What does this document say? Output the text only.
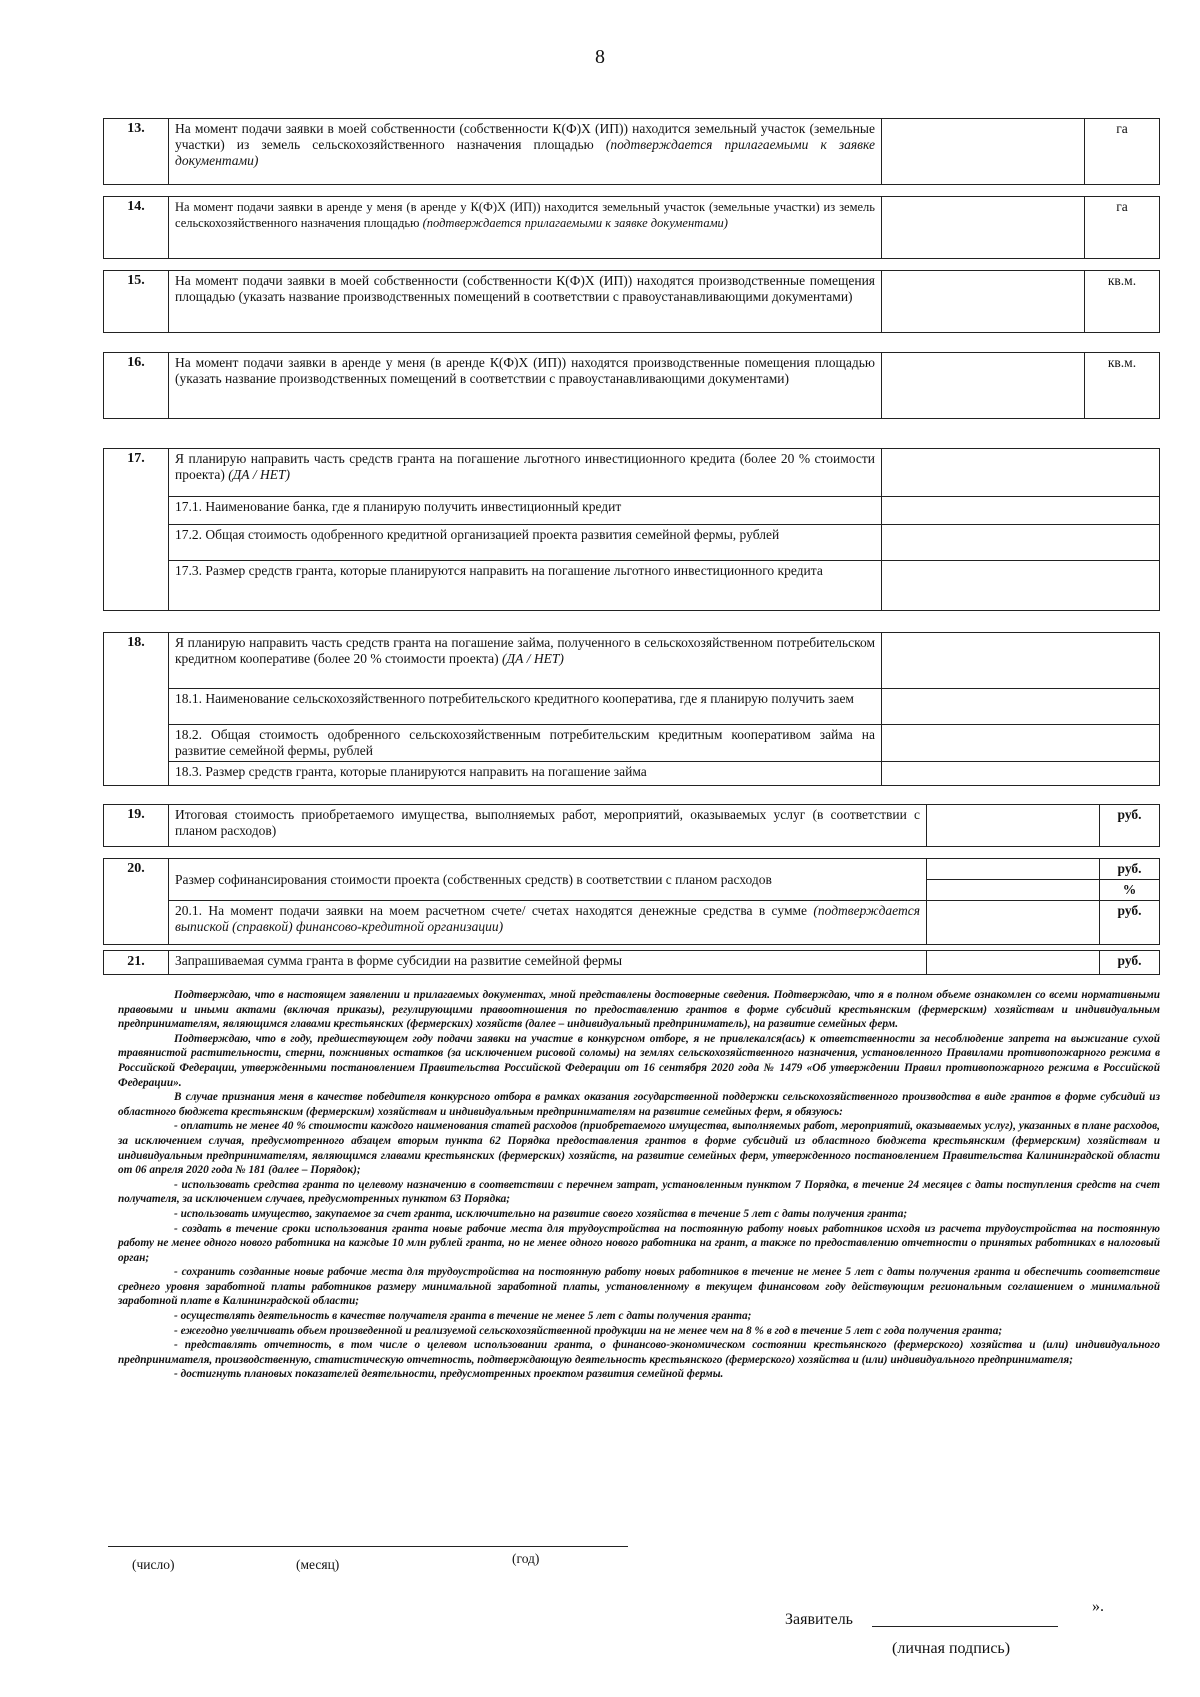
8
13.	На момент подачи заявки в моей собственности (собственности К(Ф)Х (ИП)) находится земельный участок (земельные участки) из земель сельскохозяйственного назначения площадью (подтверждается прилагаемыми к заявке документами)		га
14.	На момент подачи заявки в аренде у меня (в аренде у К(Ф)Х (ИП)) находится земельный участок (земельные участки) из земель сельскохозяйственного назначения площадью (подтверждается прилагаемыми к заявке документами)		га
15.	На момент подачи заявки в моей собственности (собственности К(Ф)Х (ИП)) находятся производственные помещения площадью (указать название производственных помещений в соответствии с правоустанавливающими документами)		кв.м.
16.	На момент подачи заявки в аренде у меня (в аренде К(Ф)Х (ИП)) находятся производственные помещения площадью (указать название производственных помещений в соответствии с правоустанавливающими документами)		кв.м.
17.	Я планирую направить часть средств гранта на погашение льготного инвестиционного кредита (более 20 % стоимости проекта) (ДА / НЕТ)	
	17.1. Наименование банка, где я планирую получить инвестиционный кредит	
	17.2. Общая стоимость одобренного кредитной организацией проекта развития семейной фермы, рублей	
	17.3. Размер средств гранта, которые планируются направить на погашение льготного инвестиционного кредита	
18.	Я планирую направить часть средств гранта на погашение займа, полученного в сельскохозяйственном потребительском кредитном кооперативе (более 20 % стоимости проекта) (ДА / НЕТ)	
	18.1. Наименование сельскохозяйственного потребительского кредитного кооператива, где я планирую получить заем	
	18.2. Общая стоимость одобренного сельскохозяйственным потребительским кредитным кооперативом займа на развитие семейной фермы, рублей	
	18.3. Размер средств гранта, которые планируются направить на погашение займа	
19.	Итоговая стоимость приобретаемого имущества, выполняемых работ, мероприятий, оказываемых услуг (в соответствии с планом расходов)		руб.
20.	Размер софинансирования стоимости проекта (собственных средств) в соответствии с планом расходов		руб.
			%
	20.1. На момент подачи заявки на моем расчетном счете/ счетах находятся денежные средства в сумме (подтверждается выпиской (справкой) финансово-кредитной организации)		руб.
21.	Запрашиваемая сумма гранта в форме субсидии на развитие семейной фермы		руб.

Подтверждаю, что в настоящем заявлении и прилагаемых документах, мной представлены достоверные сведения. Подтверждаю, что я в полном объеме ознакомлен со всеми нормативными правовыми и иными актами (включая приказы), регулирующими правоотношения по предоставлению грантов в форме субсидий крестьянским (фермерским) хозяйствам и индивидуальным предпринимателям, являющимся главами крестьянских (фермерских) хозяйств (далее – индивидуальный предприниматель), на развитие семейных ферм.

Подтверждаю, что в году, предшествующем году подачи заявки на участие в конкурсном отборе, я не привлекался(ась) к ответственности за несоблюдение запрета на выжигание сухой травянистой растительности, стерни, пожнивных остатков (за исключением рисовой соломы) на землях сельскохозяйственного назначения, установленного Правилами противопожарного режима в Российской Федерации, утвержденными постановлением Правительства Российской Федерации от 16 сентября 2020 года № 1479 «Об утверждении Правил противопожарного режима в Российской Федерации».

В случае признания меня в качестве победителя конкурсного отбора в рамках оказания государственной поддержки сельскохозяйственного производства в виде грантов в форме субсидий из областного бюджета крестьянским (фермерским) хозяйствам и индивидуальным предпринимателям на развитие семейных ферм, я обязуюсь:

- оплатить не менее 40 % стоимости каждого наименования статей расходов (приобретаемого имущества, выполняемых работ, мероприятий, оказываемых услуг), указанных в плане расходов, за исключением случая, предусмотренного абзацем вторым пункта 62 Порядка предоставления грантов в форме субсидий из областного бюджета крестьянским (фермерским) хозяйствам и индивидуальным предпринимателям, являющимся главами крестьянских (фермерских) хозяйств, на развитие семейных ферм, утвержденного постановлением Правительства Калининградской области от 06 апреля 2020 года № 181 (далее – Порядок);

- использовать средства гранта по целевому назначению в соответствии с перечнем затрат, установленным пунктом 7 Порядка, в течение 24 месяцев с даты поступления средств на счет получателя, за исключением случаев, предусмотренных пунктом 63 Порядка;

- использовать имущество, закупаемое за счет гранта, исключительно на развитие своего хозяйства в течение 5 лет с даты получения гранта;

- создать в течение сроки использования гранта новые рабочие места для трудоустройства на постоянную работу новых работников исходя из расчета трудоустройства на постоянную работу не менее одного нового работника на каждые 10 млн рублей гранта, но не менее одного нового работника на грант, а также по предоставлению отчетности о принятых работниках в налоговый орган;

- сохранить созданные новые рабочие места для трудоустройства на постоянную работу новых работников в течение не менее 5 лет с даты получения гранта и обеспечить соответствие среднего уровня заработной платы работников размеру минимальной заработной платы, установленному в текущем финансовом году действующим региональным соглашением о минимальной заработной плате в Калининградской области;

- осуществлять деятельность в качестве получателя гранта в течение не менее 5 лет с даты получения гранта;

- ежегодно увеличивать объем произведенной и реализуемой сельскохозяйственной продукции на не менее чем на 8 % в год в течение 5 лет с года получения гранта;

- представлять отчетность, в том числе о целевом использовании гранта, о финансово-экономическом состоянии крестьянского (фермерского) хозяйства и (или) индивидуального предпринимателя, производственную, статистическую отчетность, подтверждающую деятельность крестьянского (фермерского) хозяйства и (или) индивидуального предпринимателя;

- достигнуть плановых показателей деятельности, предусмотренных проектом развития семейной фермы.

(число)	(месяц)	(год)
».
Заявитель
(личная подпись)
